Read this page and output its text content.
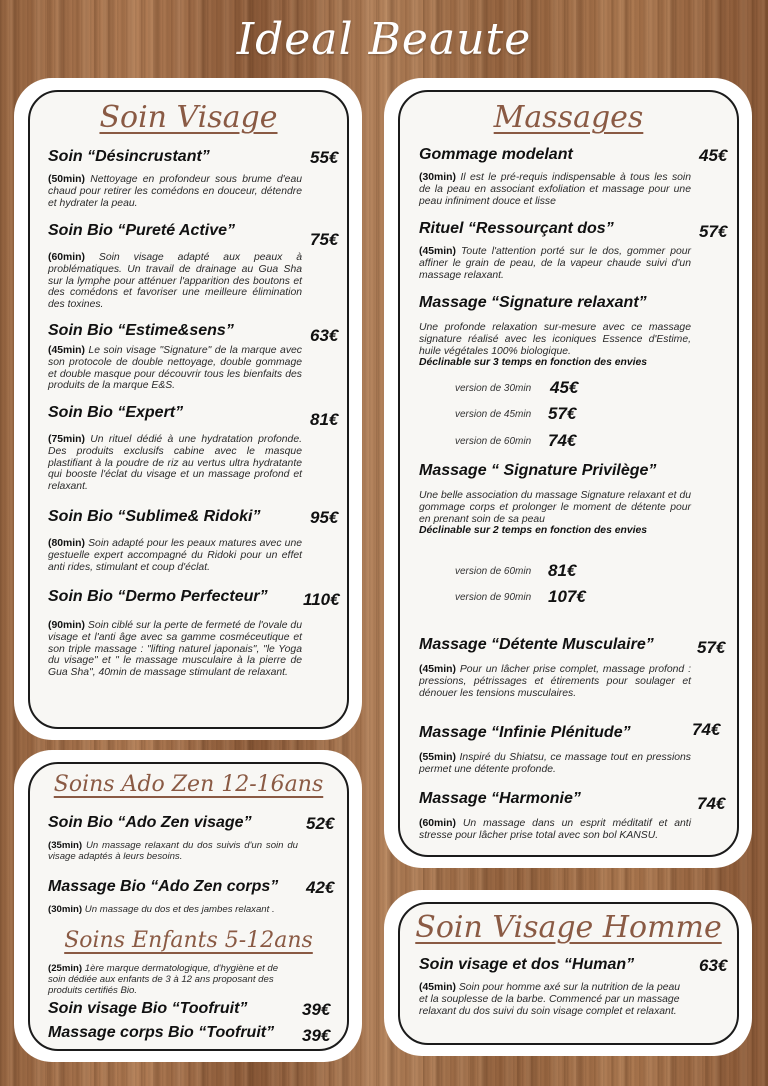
Ideal Beaute
Soin Visage
Soin “Désincrustant”	55€
(50min) Nettoyage en profondeur sous brume d'eau chaud pour retirer les comédons en douceur, détendre et hydrater la peau.
Soin Bio “Pureté Active”	75€
(60min) Soin visage adapté aux peaux à problématiques. Un travail de drainage au Gua Sha sur la lymphe pour atténuer l'apparition des boutons et des comédons et favoriser une meilleure élimination des toxines.
Soin Bio “Estime&sens”	63€
(45min) Le soin visage "Signature" de la marque avec son protocole de double nettoyage, double gommage et double masque pour découvrir tous les bienfaits des produits de la marque E&S.
Soin Bio “Expert”	81€
(75min) Un rituel dédié à une hydratation profonde. Des produits exclusifs cabine avec le masque plastifiant à la poudre de riz au vertus ultra hydratante qui booste l'éclat du visage et un massage profond et relaxant.
Soin Bio “Sublime& Ridoki”	95€
(80min) Soin adapté pour les peaux matures avec une gestuelle expert accompagné du Ridoki pour un effet anti rides, stimulant et coup d'éclat.
Soin Bio “Dermo Perfecteur” 110€
(90min) Soin ciblé sur la perte de fermeté de l'ovale du visage et l'anti âge avec sa gamme cosméceutique et son triple massage : "lifting naturel japonais", "le Yoga du visage" et " le massage musculaire à la pierre de Gua Sha", 40min de massage stimulant de relaxant.
Soins Ado Zen 12-16ans
Soin Bio “Ado Zen visage”	52€
(35min) Un massage relaxant du dos suivis d'un soin du visage adaptés à leurs besoins.
Massage Bio “Ado Zen corps” 42€
(30min) Un massage du dos et des jambes relaxant .
Soins Enfants 5-12ans
(25min) 1ère marque dermatologique, d'hygiène et de soin dédiée aux enfants de 3 à 12 ans proposant des produits certifiés Bio.
Soin visage Bio “Toofruit”	39€
Massage corps Bio “Toofruit” 39€
Massages
Gommage modelant	45€
(30min) Il est le pré-requis indispensable à tous les soin de la peau en associant exfoliation et massage pour une peau infiniment douce et lisse
Rituel “Ressourçant dos”	57€
(45min) Toute l'attention porté sur le dos, gommer pour affiner le grain de peau, de la vapeur chaude suivi d'un massage relaxant.
Massage “Signature relaxant”
Une profonde relaxation sur-mesure avec ce massage signature réalisé avec les iconiques Essence d'Estime, huile végétales 100% biologique.
Déclinable sur 3 temps en fonction des envies
version de 30min 45€
version de 45min 57€
version de 60min 74€
Massage “ Signature Privilège”
Une belle association du massage Signature relaxant et du gommage corps et prolonger le moment de détente pour en prenant soin de sa peau
Déclinable sur 2 temps en fonction des envies
version de 60min 81€
version de 90min 107€
Massage “Détente Musculaire”	57€
(45min) Pour un lâcher prise complet, massage profond : pressions, pétrissages et étirements pour soulager et dénouer les tensions musculaires.
Massage “Infinie Plénitude”	74€
(55min) Inspiré du Shiatsu, ce massage tout en pressions permet une détente profonde.
Massage “Harmonie”	74€
(60min) Un massage dans un esprit méditatif et anti stresse pour lâcher prise total avec son bol KANSU.
Soin Visage Homme
Soin visage et dos “Human”	63€
(45min) Soin pour homme axé sur la nutrition de la peau et la souplesse de la barbe. Commencé par un massage relaxant du dos suivi du soin visage complet et relaxant.
